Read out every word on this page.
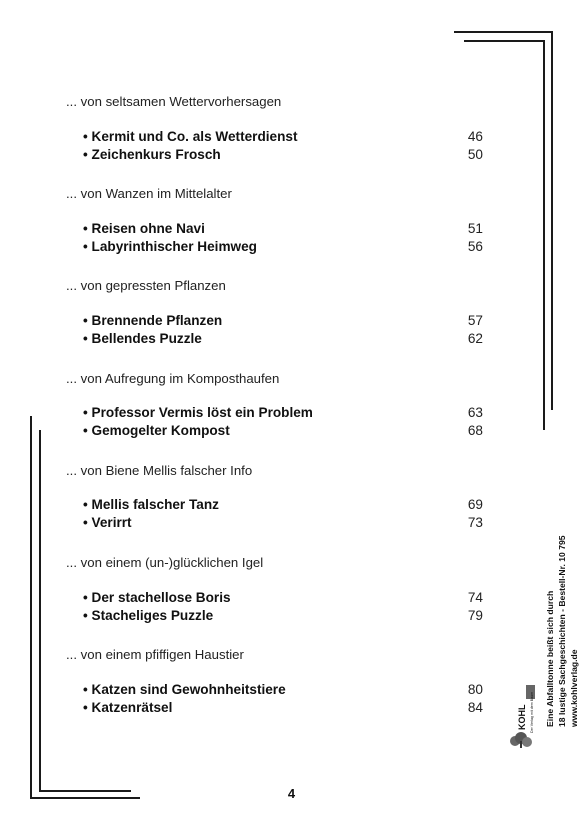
... von seltsamen Wettervorhersagen
• Kermit und Co. als Wetterdienst	46
• Zeichenkurs Frosch	50
... von Wanzen im Mittelalter
• Reisen ohne Navi	51
• Labyrinthischer Heimweg	56
... von gepressten Pflanzen
• Brennende Pflanzen	57
• Bellendes Puzzle	62
... von Aufregung im Komposthaufen
• Professor Vermis löst ein Problem	63
• Gemogelter Kompost	68
... von Biene Mellis falscher Info
• Mellis falscher Tanz	69
• Verirrt	73
... von einem (un-)glücklichen Igel
• Der stachellose Boris	74
• Stacheliges Puzzle	79
... von einem pfiffigen Haustier
• Katzen sind Gewohnheitstiere	80
• Katzenrätsel	84	KOHL Der Verlag mit dem Baum Eine Abfalltonne beißt sich durch 18 lustige Sachgeschichten - Bestell-Nr. 10 795 www.kohlverlag.de
4
